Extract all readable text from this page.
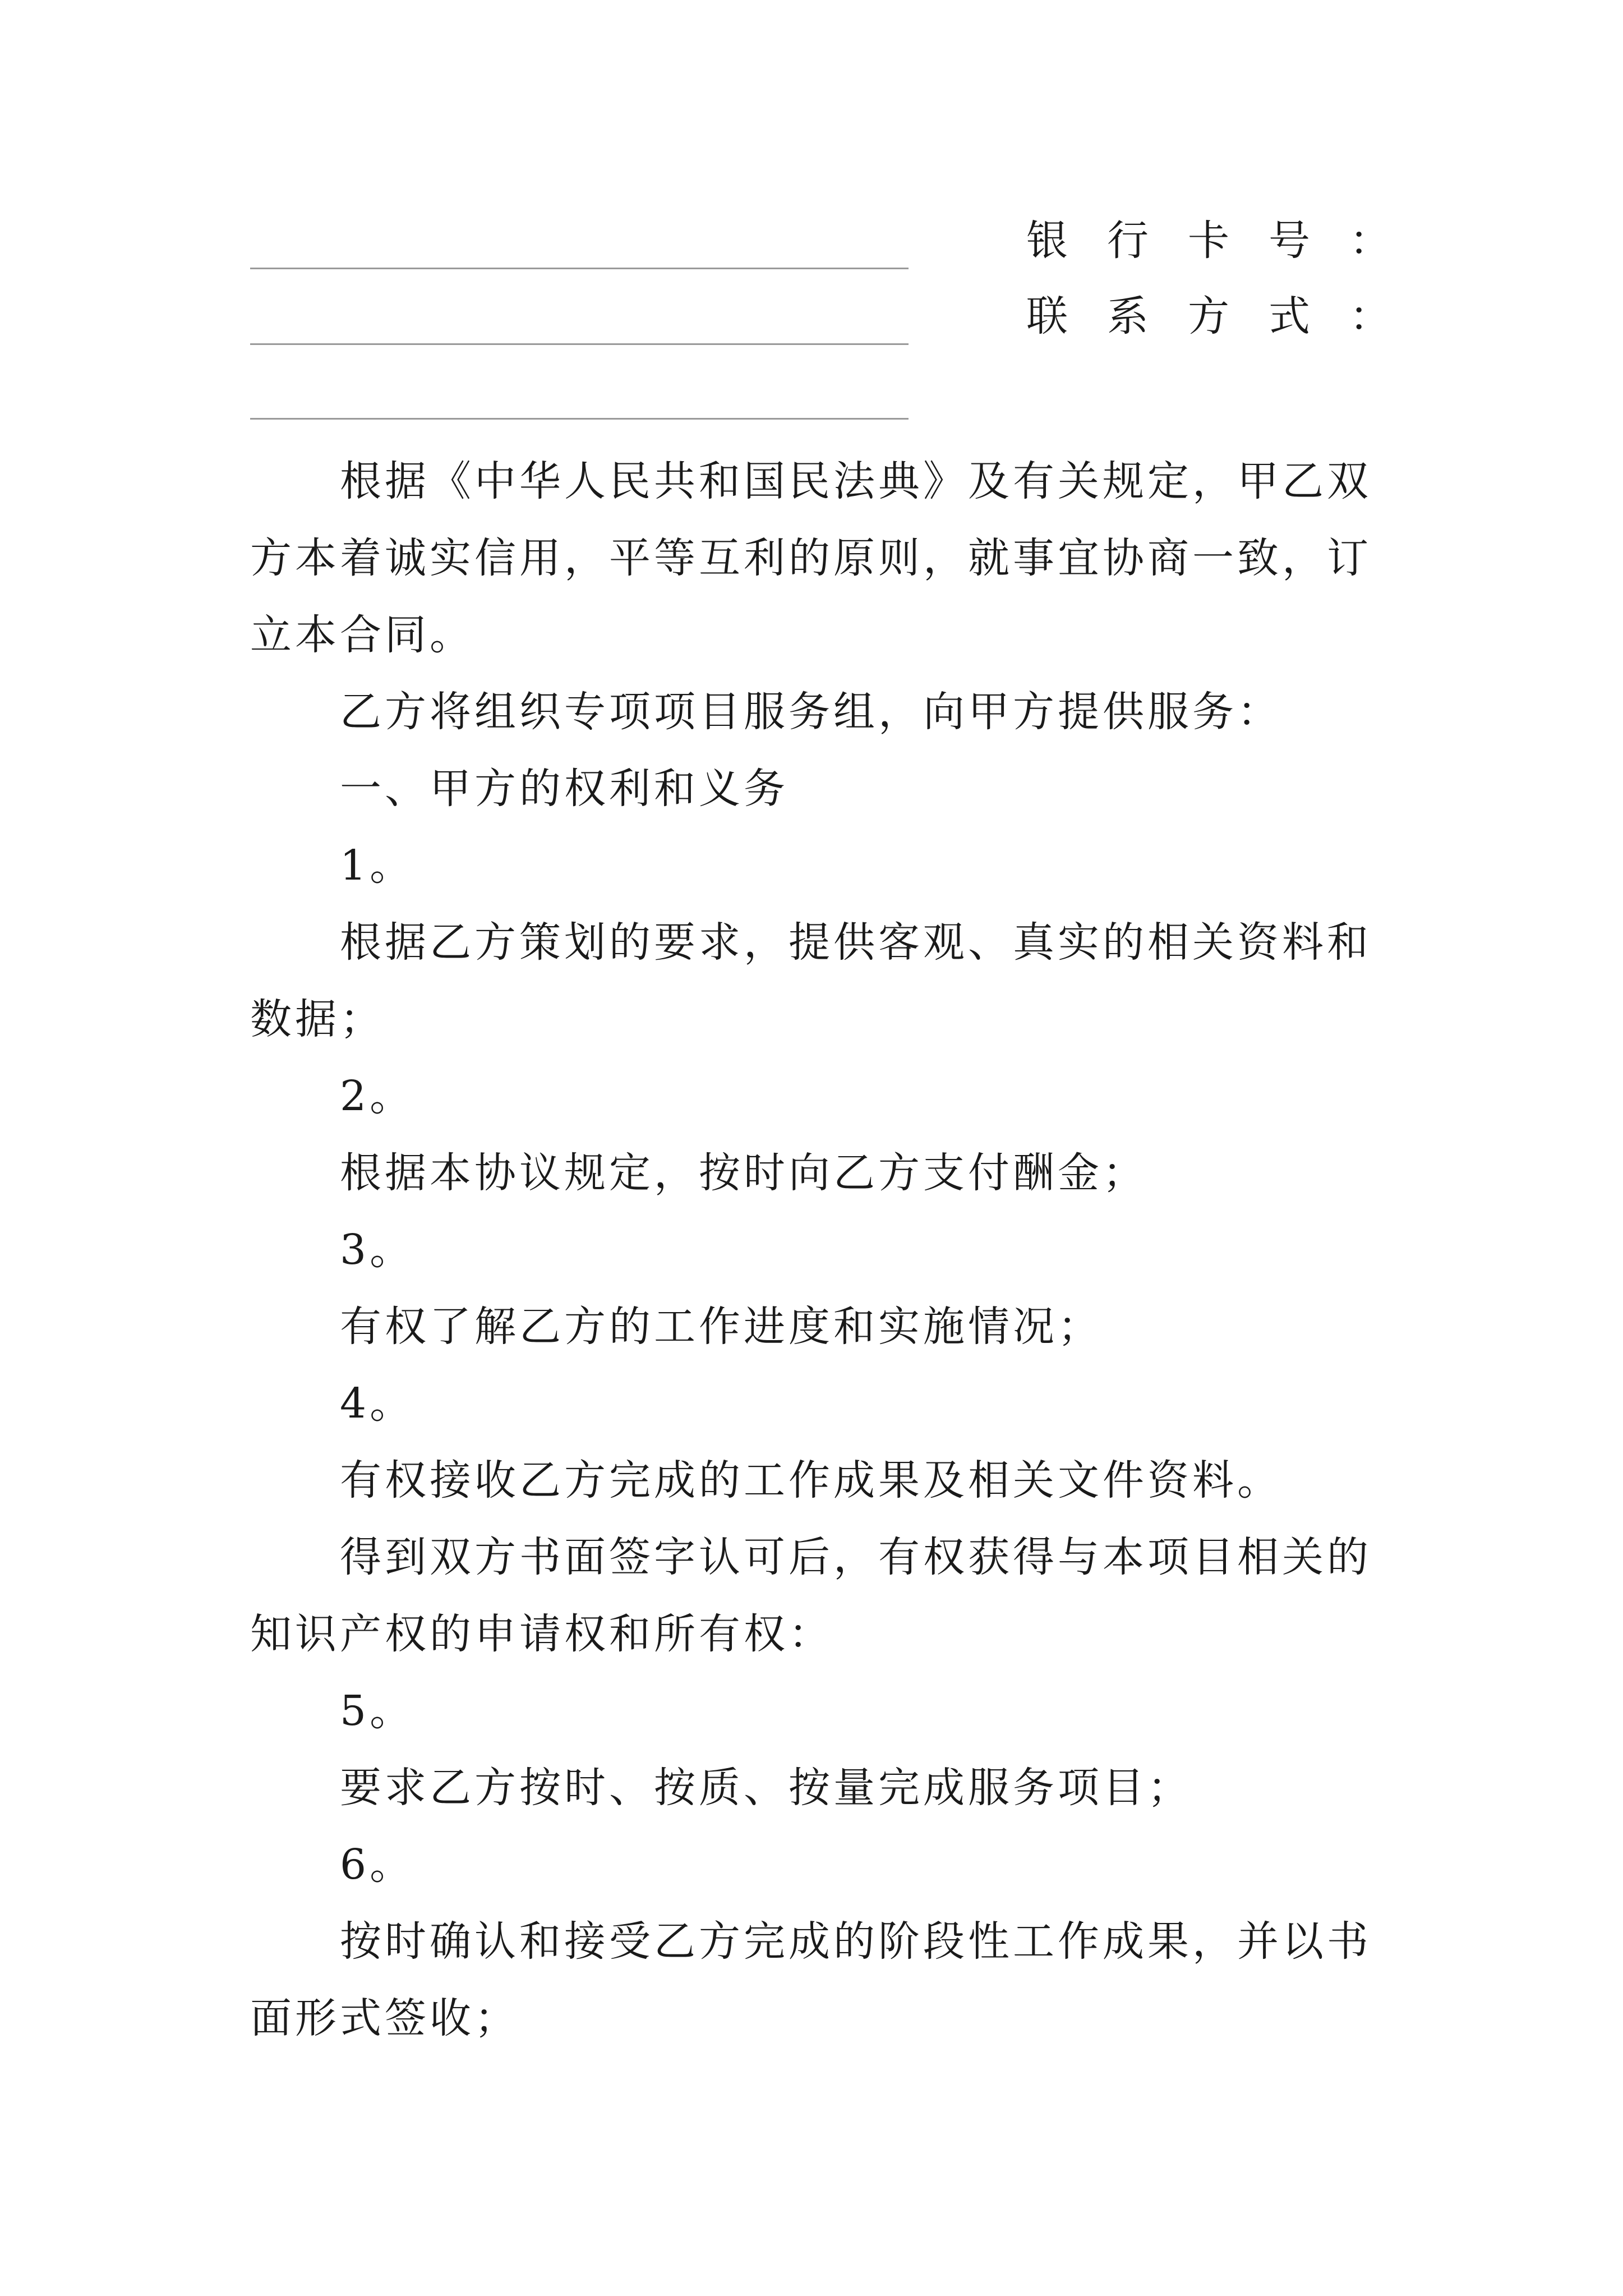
银行卡号：
联系方式：

根据《中华人民共和国民法典》及有关规定，甲乙双方本着诚实信用，平等互利的原则，就事宜协商一致，订立本合同。

乙方将组织专项项目服务组，向甲方提供服务：

一、甲方的权利和义务

1。

根据乙方策划的要求，提供客观、真实的相关资料和数据；

2。

根据本协议规定，按时向乙方支付酬金；

3。

有权了解乙方的工作进度和实施情况；

4。

有权接收乙方完成的工作成果及相关文件资料。

得到双方书面签字认可后，有权获得与本项目相关的知识产权的申请权和所有权：

5。

要求乙方按时、按质、按量完成服务项目；

6。

按时确认和接受乙方完成的阶段性工作成果，并以书面形式签收；
